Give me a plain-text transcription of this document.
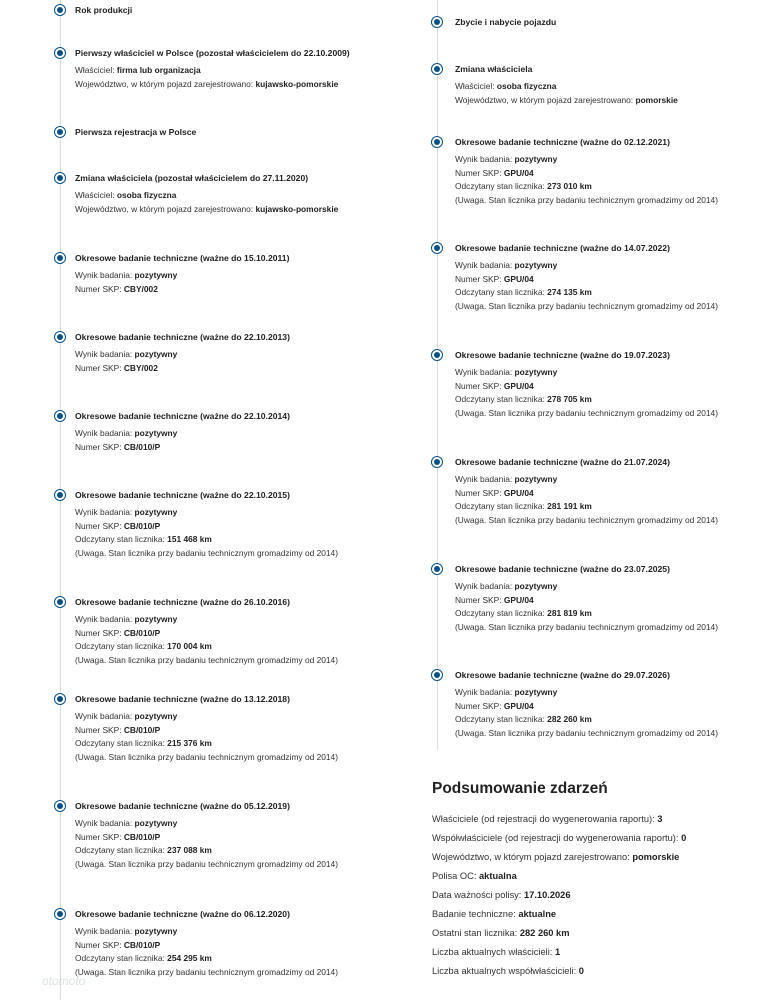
Rok produkcji
Pierwszy właściciel w Polsce (pozostał właścicielem do 22.10.2009)
Właściciel: firma lub organizacja
Województwo, w którym pojazd zarejestrowano: kujawsko-pomorskie
Pierwsza rejestracja w Polsce
Zmiana właściciela (pozostał właścicielem do 27.11.2020)
Właściciel: osoba fizyczna
Województwo, w którym pojazd zarejestrowano: kujawsko-pomorskie
Okresowe badanie techniczne (ważne do 15.10.2011)
Wynik badania: pozytywny
Numer SKP: CBY/002
Okresowe badanie techniczne (ważne do 22.10.2013)
Wynik badania: pozytywny
Numer SKP: CBY/002
Okresowe badanie techniczne (ważne do 22.10.2014)
Wynik badania: pozytywny
Numer SKP: CB/010/P
Okresowe badanie techniczne (ważne do 22.10.2015)
Wynik badania: pozytywny
Numer SKP: CB/010/P
Odczytany stan licznika: 151 468 km
(Uwaga. Stan licznika przy badaniu technicznym gromadzimy od 2014)
Okresowe badanie techniczne (ważne do 26.10.2016)
Wynik badania: pozytywny
Numer SKP: CB/010/P
Odczytany stan licznika: 170 004 km
(Uwaga. Stan licznika przy badaniu technicznym gromadzimy od 2014)
Okresowe badanie techniczne (ważne do 13.12.2018)
Wynik badania: pozytywny
Numer SKP: CB/010/P
Odczytany stan licznika: 215 376 km
(Uwaga. Stan licznika przy badaniu technicznym gromadzimy od 2014)
Okresowe badanie techniczne (ważne do 05.12.2019)
Wynik badania: pozytywny
Numer SKP: CB/010/P
Odczytany stan licznika: 237 088 km
(Uwaga. Stan licznika przy badaniu technicznym gromadzimy od 2014)
Okresowe badanie techniczne (ważne do 06.12.2020)
Wynik badania: pozytywny
Numer SKP: CB/010/P
Odczytany stan licznika: 254 295 km
(Uwaga. Stan licznika przy badaniu technicznym gromadzimy od 2014)
Zbycie i nabycie pojazdu
Zmiana właściciela
Właściciel: osoba fizyczna
Województwo, w którym pojazd zarejestrowano: pomorskie
Okresowe badanie techniczne (ważne do 02.12.2021)
Wynik badania: pozytywny
Numer SKP: GPU/04
Odczytany stan licznika: 273 010 km
(Uwaga. Stan licznika przy badaniu technicznym gromadzimy od 2014)
Okresowe badanie techniczne (ważne do 14.07.2022)
Wynik badania: pozytywny
Numer SKP: GPU/04
Odczytany stan licznika: 274 135 km
(Uwaga. Stan licznika przy badaniu technicznym gromadzimy od 2014)
Okresowe badanie techniczne (ważne do 19.07.2023)
Wynik badania: pozytywny
Numer SKP: GPU/04
Odczytany stan licznika: 278 705 km
(Uwaga. Stan licznika przy badaniu technicznym gromadzimy od 2014)
Okresowe badanie techniczne (ważne do 21.07.2024)
Wynik badania: pozytywny
Numer SKP: GPU/04
Odczytany stan licznika: 281 191 km
(Uwaga. Stan licznika przy badaniu technicznym gromadzimy od 2014)
Okresowe badanie techniczne (ważne do 23.07.2025)
Wynik badania: pozytywny
Numer SKP: GPU/04
Odczytany stan licznika: 281 819 km
(Uwaga. Stan licznika przy badaniu technicznym gromadzimy od 2014)
Okresowe badanie techniczne (ważne do 29.07.2026)
Wynik badania: pozytywny
Numer SKP: GPU/04
Odczytany stan licznika: 282 260 km
(Uwaga. Stan licznika przy badaniu technicznym gromadzimy od 2014)
Podsumowanie zdarzeń
Właściciele (od rejestracji do wygenerowania raportu): 3
Współwłaściciele (od rejestracji do wygenerowania raportu): 0
Województwo, w którym pojazd zarejestrowano: pomorskie
Polisa OC: aktualna
Data ważności polisy: 17.10.2026
Badanie techniczne: aktualne
Ostatni stan licznika: 282 260 km
Liczba aktualnych właścicieli: 1
Liczba aktualnych współwłaścicieli: 0
otomoto
